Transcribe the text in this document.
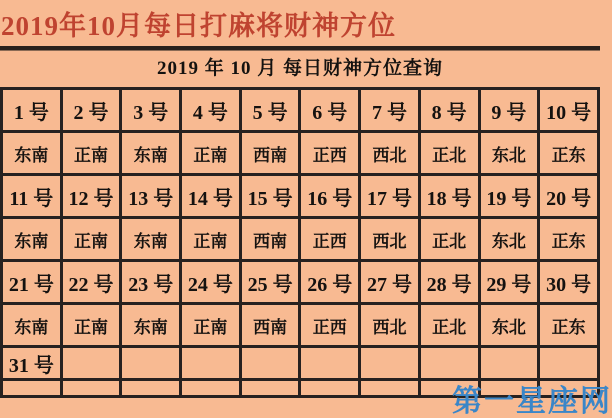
2019年10月每日打麻将财神方位
2019 年 10 月 每日财神方位查询
1 号	2 号	3 号	4 号	5 号	6 号	7 号	8 号	9 号	10 号
东南	正南	东南	正南	西南	正西	西北	正北	东北	正东
11 号	12 号	13 号	14 号	15 号	16 号	17 号	18 号	19 号	20 号
东南	正南	东南	正南	西南	正西	西北	正北	东北	正东
21 号	22 号	23 号	24 号	25 号	26 号	27 号	28 号	29 号	30 号
东南	正南	东南	正南	西南	正西	西北	正北	东北	正东
31 号									

第一星座网
